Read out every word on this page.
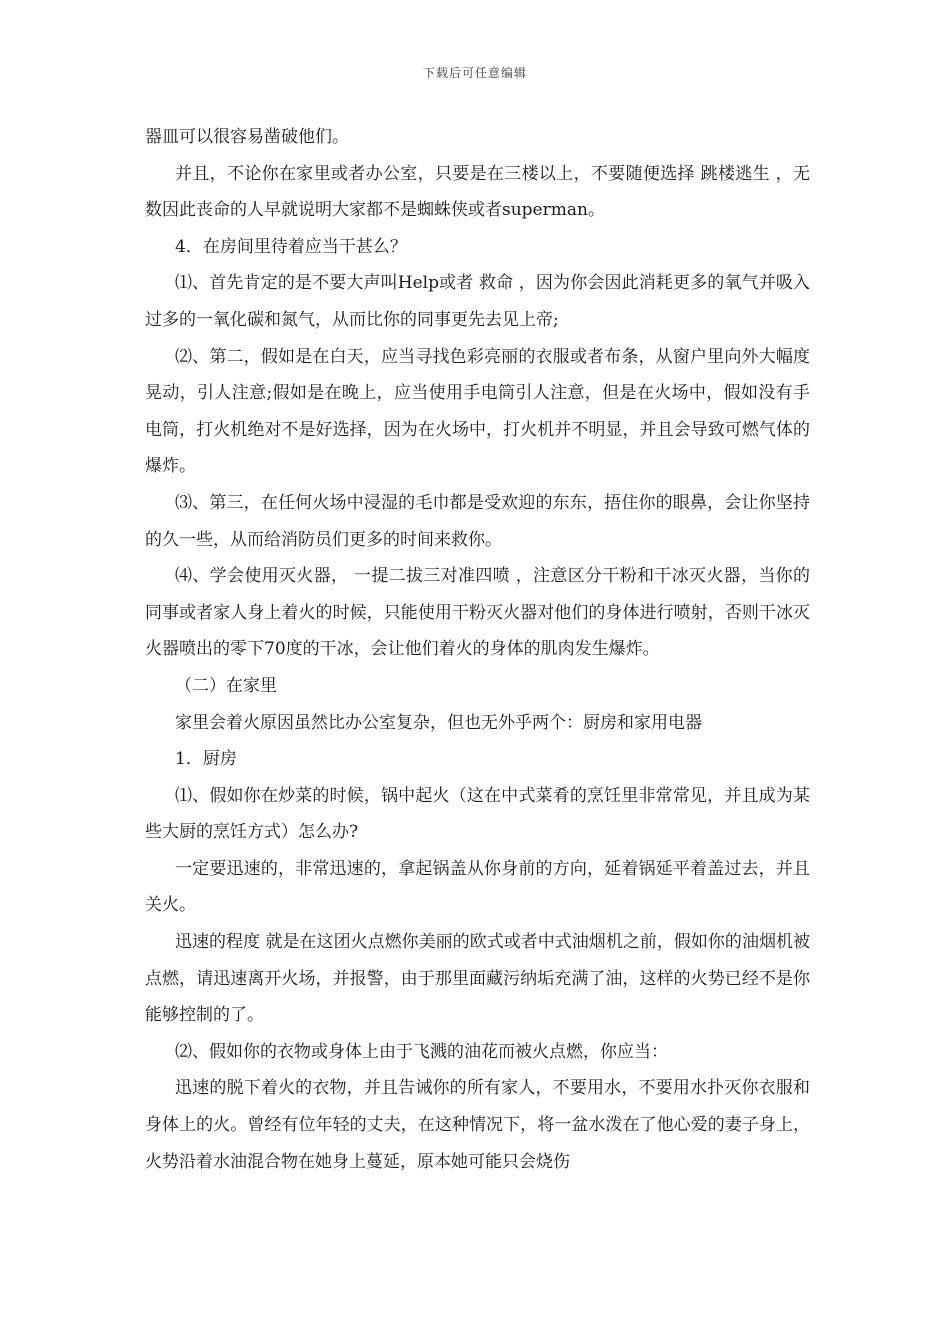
下载后可任意编辑

器皿可以很容易凿破他们。

并且，不论你在家里或者办公室，只要是在三楼以上，不要随便选择 跳楼逃生 ，无数因此丧命的人早就说明大家都不是蜘蛛侠或者superman。

4．在房间里待着应当干甚么？

⑴、首先肯定的是不要大声叫Help或者 救命 ，因为你会因此消耗更多的氧气并吸入过多的一氧化碳和氮气，从而比你的同事更先去见上帝;

⑵、第二，假如是在白天，应当寻找色彩亮丽的衣服或者布条，从窗户里向外大幅度晃动，引人注意;假如是在晚上，应当使用手电筒引人注意，但是在火场中，假如没有手电筒，打火机绝对不是好选择，因为在火场中，打火机并不明显，并且会导致可燃气体的爆炸。

⑶、第三，在任何火场中浸湿的毛巾都是受欢迎的东东，捂住你的眼鼻，会让你坚持的久一些，从而给消防员们更多的时间来救你。

⑷、学会使用灭火器， 一提二拔三对准四喷 ，注意区分干粉和干冰灭火器，当你的同事或者家人身上着火的时候，只能使用干粉灭火器对他们的身体进行喷射，否则干冰灭火器喷出的零下70度的干冰，会让他们着火的身体的肌肉发生爆炸。

（二）在家里

家里会着火原因虽然比办公室复杂，但也无外乎两个：厨房和家用电器

1．厨房

⑴、假如你在炒菜的时候，锅中起火（这在中式菜肴的烹饪里非常常见，并且成为某些大厨的烹饪方式）怎么办?

一定要迅速的，非常迅速的，拿起锅盖从你身前的方向，延着锅延平着盖过去，并且关火。

迅速的程度 就是在这团火点燃你美丽的欧式或者中式油烟机之前，假如你的油烟机被点燃，请迅速离开火场，并报警，由于那里面藏污纳垢充满了油，这样的火势已经不是你能够控制的了。

⑵、假如你的衣物或身体上由于飞溅的油花而被火点燃，你应当：

迅速的脱下着火的衣物，并且告诫你的所有家人，不要用水，不要用水扑灭你衣服和身体上的火。曾经有位年轻的丈夫，在这种情况下，将一盆水泼在了他心爱的妻子身上，火势沿着水油混合物在她身上蔓延，原本她可能只会烧伤
